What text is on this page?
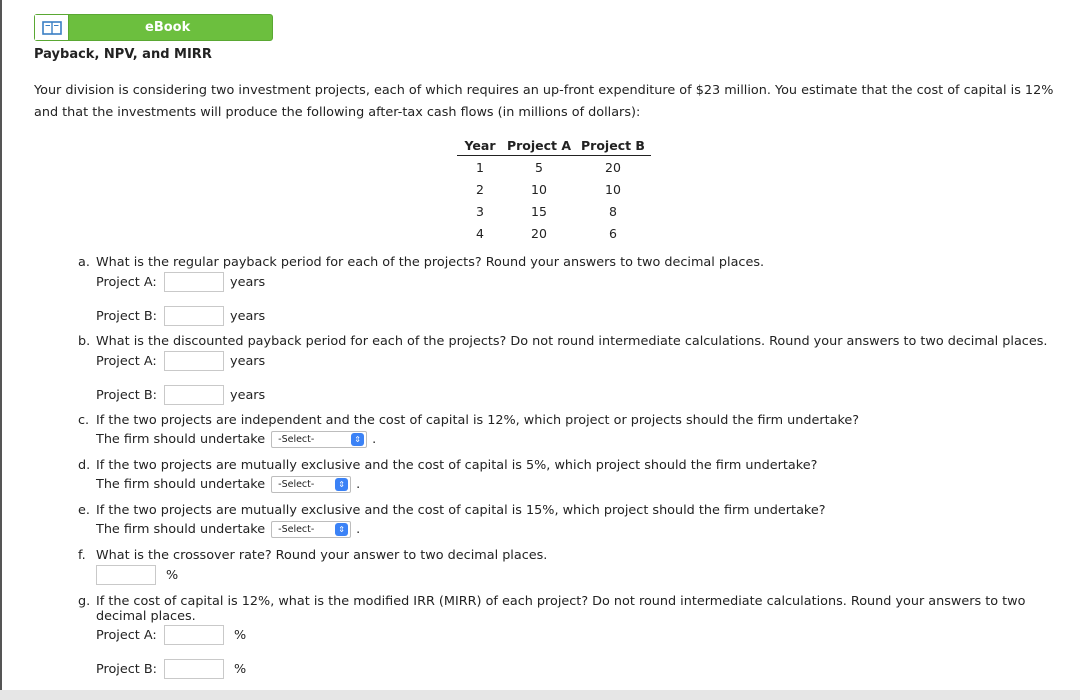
eBook
Payback, NPV, and MIRR
Your division is considering two investment projects, each of which requires an up-front expenditure of $23 million. You estimate that the cost of capital is 12% and that the investments will produce the following after-tax cash flows (in millions of dollars):
Year	Project A	Project B
1	5	20
2	10	10
3	15	8
4	20	6
a. What is the regular payback period for each of the projects? Round your answers to two decimal places.
Project A:	years
Project B:	years
b. What is the discounted payback period for each of the projects? Do not round intermediate calculations. Round your answers to two decimal places.
Project A:	years
Project B:	years
c. If the two projects are independent and the cost of capital is 12%, which project or projects should the firm undertake?
The firm should undertake -Select-	⇕ .
d. If the two projects are mutually exclusive and the cost of capital is 5%, which project should the firm undertake?
The firm should undertake -Select-	⇕ .
e. If the two projects are mutually exclusive and the cost of capital is 15%, which project should the firm undertake?
The firm should undertake -Select-	⇕ .
f. What is the crossover rate? Round your answer to two decimal places.
%
g. If the cost of capital is 12%, what is the modified IRR (MIRR) of each project? Do not round intermediate calculations. Round your answers to two
decimal places.
Project A:	%
Project B:	%
